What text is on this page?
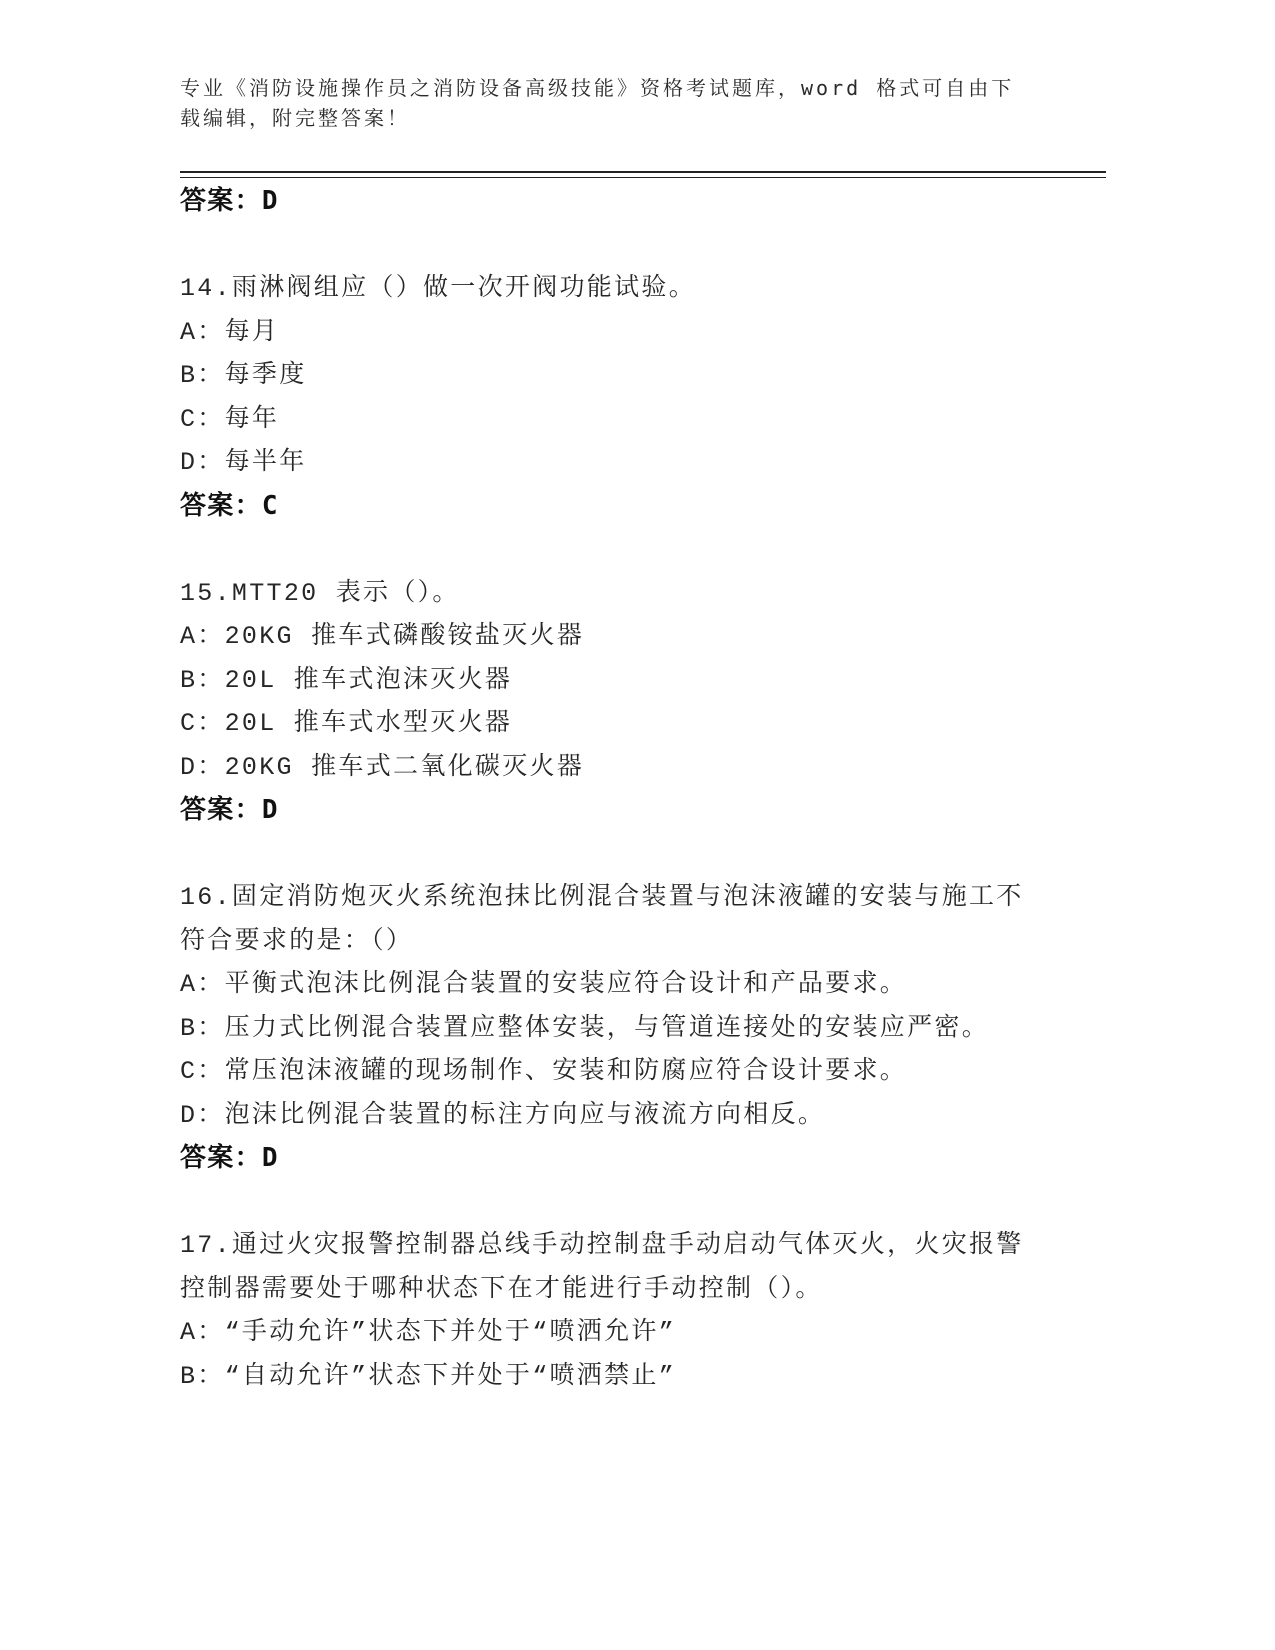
专业《消防设施操作员之消防设备高级技能》资格考试题库，word 格式可自由下
载编辑，附完整答案！
答案：D
14.雨淋阀组应（）做一次开阀功能试验。
A：每月
B：每季度
C：每年
D：每半年
答案：C
15.MTT20 表示（）。
A：20KG 推车式磷酸铵盐灭火器
B：20L 推车式泡沫灭火器
C：20L 推车式水型灭火器
D：20KG 推车式二氧化碳灭火器
答案：D
16.固定消防炮灭火系统泡抹比例混合装置与泡沫液罐的安装与施工不
符合要求的是：（）
A：平衡式泡沫比例混合装置的安装应符合设计和产品要求。
B：压力式比例混合装置应整体安装，与管道连接处的安装应严密。
C：常压泡沫液罐的现场制作、安装和防腐应符合设计要求。
D：泡沫比例混合装置的标注方向应与液流方向相反。
答案：D
17.通过火灾报警控制器总线手动控制盘手动启动气体灭火，火灾报警
控制器需要处于哪种状态下在才能进行手动控制（）。
A：“手动允许”状态下并处于“喷洒允许”
B：“自动允许”状态下并处于“喷洒禁止”
